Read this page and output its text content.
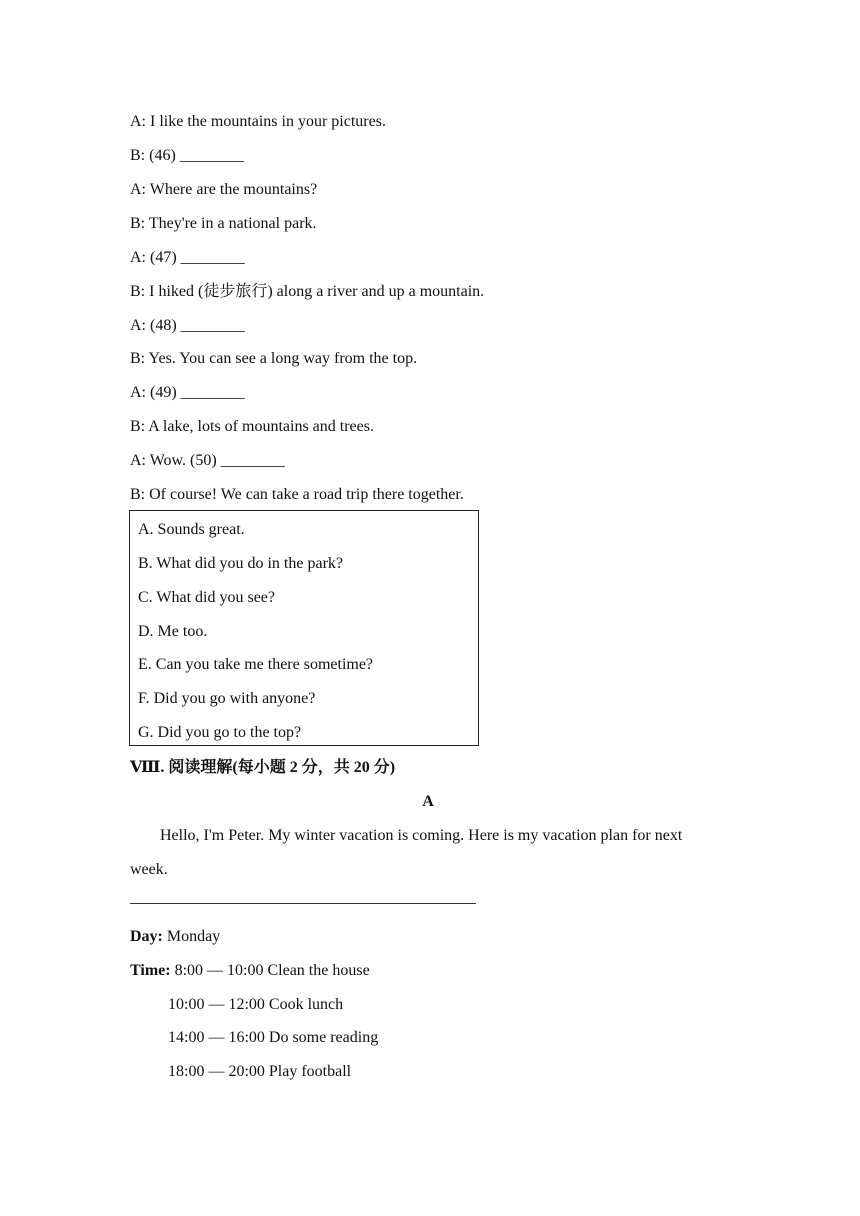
A: I like the mountains in your pictures.
B: (46) ________
A: Where are the mountains?
B: They're in a national park.
A: (47) ________
B: I hiked (徒步旅行) along a river and up a mountain.
A: (48) ________
B: Yes. You can see a long way from the top.
A: (49) ________
B: A lake, lots of mountains and trees.
A: Wow. (50) ________
B: Of course! We can take a road trip there together.
A. Sounds great.
B. What did you do in the park?
C. What did you see?
D. Me too.
E. Can you take me there sometime?
F. Did you go with anyone?
G. Did you go to the top?
Ⅷ. 阅读理解(每小题 2 分，共 20 分)
A
Hello, I'm Peter. My winter vacation is coming. Here is my vacation plan for next
week.
Day: Monday
Time: 8:00 — 10:00 Clean the house
10:00 — 12:00 Cook lunch
14:00 — 16:00 Do some reading
18:00 — 20:00 Play football
